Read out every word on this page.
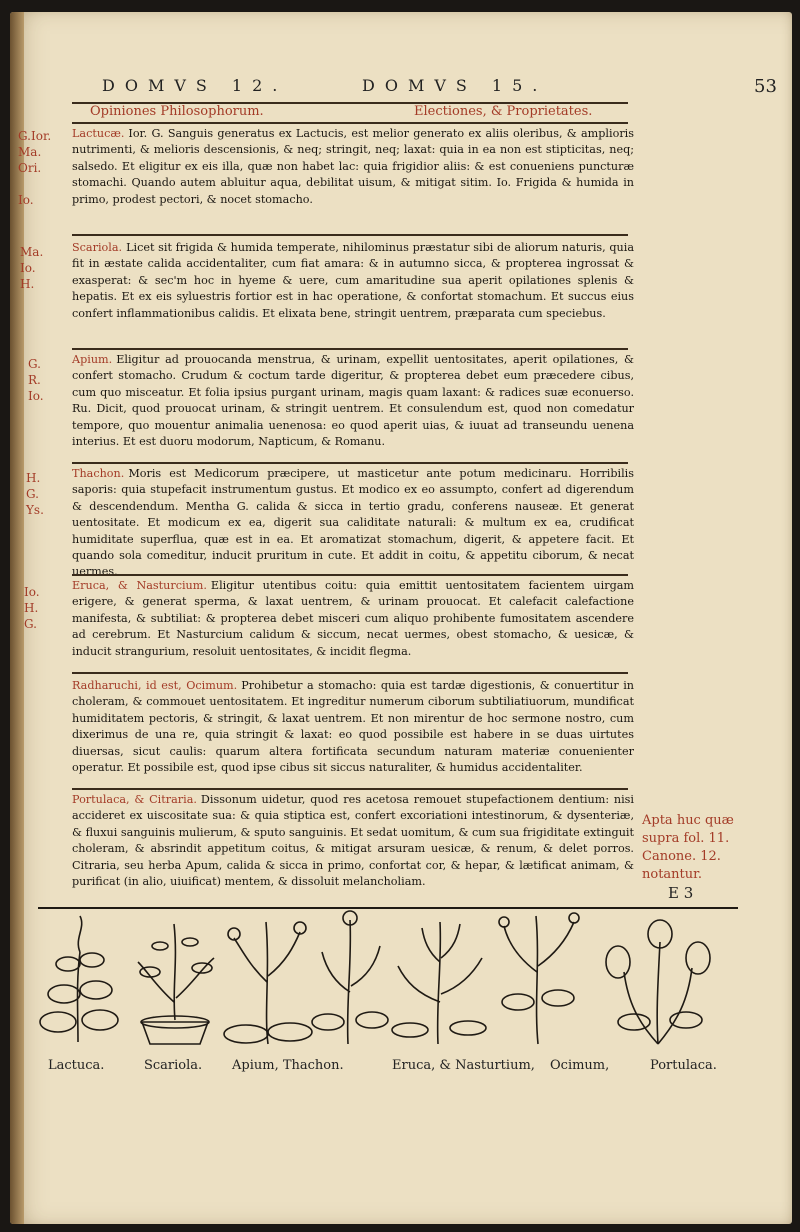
DOMVS 12.	DOMVS 15.	53
Opiniones Philosophorum.	Electiones, & Proprietates.
G.Ior.
Ma.
Ori.

Io.
Lactucæ. Ior. G. Sanguis generatus ex Lactucis, est melior generato ex aliis oleribus, & amplioris nutrimenti, & melioris descensionis, & neq; stringit, neq; laxat: quia in ea non est stipticitas, neq; salsedo. Et eligitur ex eis illa, quæ non habet lac: quia frigidior aliis: & est conueniens puncturæ stomachi. Quando autem abluitur aqua, debilitat uisum, & mitigat sitim. Io. Frigida & humida in primo, prodest pectori, & nocet stomacho.
Ma.
Io.
H.
Scariola. Licet sit frigida & humida temperate, nihilominus præstatur sibi de aliorum naturis, quia fit in æstate calida accidentaliter, cum fiat amara: & in autumno sicca, & propterea ingrossat & exasperat: & sec'm hoc in hyeme & uere, cum amaritudine sua aperit opilationes splenis & hepatis. Et ex eis syluestris fortior est in hac operatione, & confortat stomachum. Et succus eius confert inflammationibus calidis. Et elixata bene, stringit uentrem, præparata cum speciebus.
G.
R.
Io.
Apium. Eligitur ad prouocanda menstrua, & urinam, expellit uentositates, aperit opilationes, & confert stomacho. Crudum & coctum tarde digeritur, & propterea debet eum præcedere cibus, cum quo misceatur. Et folia ipsius purgant urinam, magis quam laxant: & radices suæ econuerso. Ru. Dicit, quod prouocat urinam, & stringit uentrem. Et consulendum est, quod non comedatur tempore, quo mouentur animalia uenenosa: eo quod aperit uias, & iuuat ad transeundu uenena interius. Et est duoru modorum, Napticum, & Romanu.
H.
G.
Ys.
Thachon. Moris est Medicorum præcipere, ut masticetur ante potum medicinaru. Horribilis saporis: quia stupefacit instrumentum gustus. Et modico ex eo assumpto, confert ad digerendum & descendendum. Mentha G. calida & sicca in tertio gradu, conferens nauseæ. Et generat uentositate. Et modicum ex ea, digerit sua caliditate naturali: & multum ex ea, crudificat humiditate superflua, quæ est in ea. Et aromatizat stomachum, digerit, & appetere facit. Et quando sola comeditur, inducit pruritum in cute. Et addit in coitu, & appetitu ciborum, & necat uermes.
Io.
H.
G.
Eruca, & Nasturcium. Eligitur utentibus coitu: quia emittit uentositatem facientem uirgam erigere, & generat sperma, & laxat uentrem, & urinam prouocat. Et calefacit calefactione manifesta, & subtiliat: & propterea debet misceri cum aliquo prohibente fumositatem ascendere ad cerebrum. Et Nasturcium calidum & siccum, necat uermes, obest stomacho, & uesicæ, & inducit strangurium, resoluit uentositates, & incidit flegma.
Radharuchi, id est, Ocimum. Prohibetur a stomacho: quia est tardæ digestionis, & conuertitur in choleram, & commouet uentositatem. Et ingreditur numerum ciborum subtiliatiuorum, mundificat humiditatem pectoris, & stringit, & laxat uentrem. Et non mirentur de hoc sermone nostro, cum dixerimus de una re, quia stringit & laxat: eo quod possibile est habere in se duas uirtutes diuersas, sicut caulis: quarum altera fortificata secundum naturam materiæ conuenienter operatur. Et possibile est, quod ipse cibus sit siccus naturaliter, & humidus accidentaliter.
Portulaca, & Citraria. Dissonum uidetur, quod res acetosa remouet stupefactionem dentium: nisi accideret ex uiscositate sua: & quia stiptica est, confert excoriationi intestinorum, & dysenteriæ, & fluxui sanguinis mulierum, & sputo sanguinis. Et sedat uomitum, & cum sua frigiditate extinguit choleram, & absrindit appetitum coitus, & mitigat arsuram uesicæ, & renum, & delet porros. Citraria, seu herba Apum, calida & sicca in primo, confortat cor, & hepar, & lætificat animam, & purificat (in alio, uiuificat) mentem, & dissoluit melancholiam.
Apta huc quæ supra fol. 11. Canone. 12. notantur.
E 3
Lactuca.	Scariola. Apium, Thachon.	Eruca, & Nasturtium, Ocimum,	Portulaca.
